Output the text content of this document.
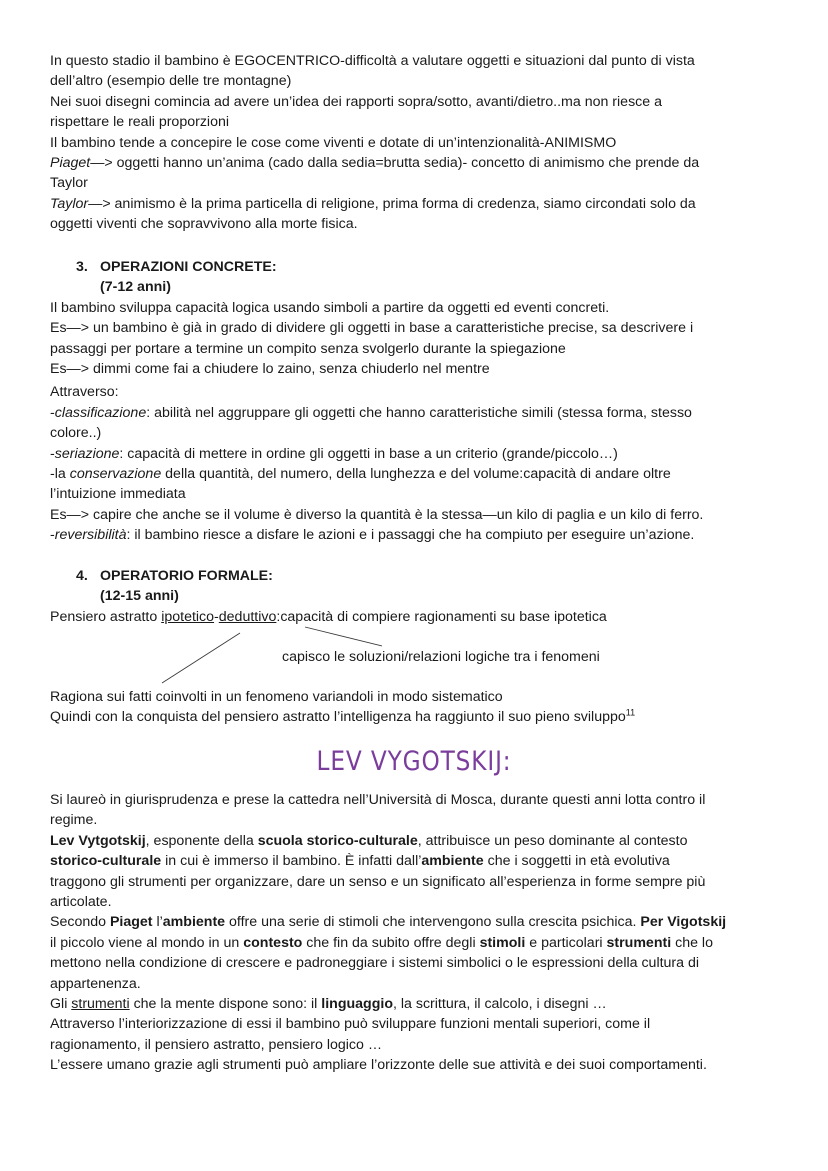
In questo stadio il bambino è EGOCENTRICO-difficoltà a valutare oggetti e situazioni dal punto di vista
dell’altro (esempio delle tre montagne)
Nei suoi disegni comincia ad avere un’idea dei rapporti sopra/sotto, avanti/dietro..ma non riesce a
rispettare le reali proporzioni
Il bambino tende a concepire le cose come viventi e dotate di un’intenzionalità-ANIMISMO
Piaget—> oggetti hanno un’anima (cado dalla sedia=brutta sedia)- concetto di animismo che prende da
Taylor
Taylor—> animismo è la prima particella di religione, prima forma di credenza, siamo circondati solo da
oggetti viventi che sopravvivono alla morte fisica.
3. OPERAZIONI CONCRETE:
(7-12 anni)
Il bambino sviluppa capacità logica usando simboli a partire da oggetti ed eventi concreti.
Es—> un bambino è già in grado di dividere gli oggetti in base a caratteristiche precise, sa descrivere i
passaggi per portare a termine un compito senza svolgerlo durante la spiegazione
Es—> dimmi come fai a chiudere lo zaino, senza chiuderlo nel mentre
Attraverso:
-classificazione: abilità nel aggruppare gli oggetti che hanno caratteristiche simili (stessa forma, stesso
colore..)
-seriazione: capacità di mettere in ordine gli oggetti in base a un criterio (grande/piccolo…)
-la conservazione della quantità, del numero, della lunghezza e del volume:capacità di andare oltre
l’intuizione immediata
Es—> capire che anche se il volume è diverso la quantità è la stessa—un kilo di paglia e un kilo di ferro.
-reversibilità: il bambino riesce a disfare le azioni e i passaggi che ha compiuto per eseguire un’azione.
4. OPERATORIO FORMALE:
(12-15 anni)
Pensiero astratto ipotetico-deduttivo:capacità di compiere ragionamenti su base ipotetica
capisco le soluzioni/relazioni logiche tra i fenomeni
Ragiona sui fatti coinvolti in un fenomeno variandoli in modo sistematico
Quindi con la conquista del pensiero astratto l’intelligenza ha raggiunto il suo pieno sviluppo$^{11}$
LEV VYGOTSKIJ:
Si laureò in giurisprudenza e prese la cattedra nell’Università di Mosca, durante questi anni lotta contro il
regime.
Lev Vytgotskij, esponente della scuola storico-culturale, attribuisce un peso dominante al contesto
storico-culturale in cui è immerso il bambino. È infatti dall’ambiente che i soggetti in età evolutiva
traggono gli strumenti per organizzare, dare un senso e un significato all’esperienza in forme sempre più
articolate.
Secondo Piaget l’ambiente offre una serie di stimoli che intervengono sulla crescita psichica. Per Vigotskij
il piccolo viene al mondo in un contesto che fin da subito offre degli stimoli e particolari strumenti che lo
mettono nella condizione di crescere e padroneggiare i sistemi simbolici o le espressioni della cultura di
appartenenza.
Gli strumenti che la mente dispone sono: il linguaggio, la scrittura, il calcolo, i disegni …
Attraverso l’interiorizzazione di essi il bambino può sviluppare funzioni mentali superiori, come il
ragionamento, il pensiero astratto, pensiero logico …
L’essere umano grazie agli strumenti può ampliare l’orizzonte delle sue attività e dei suoi comportamenti.
